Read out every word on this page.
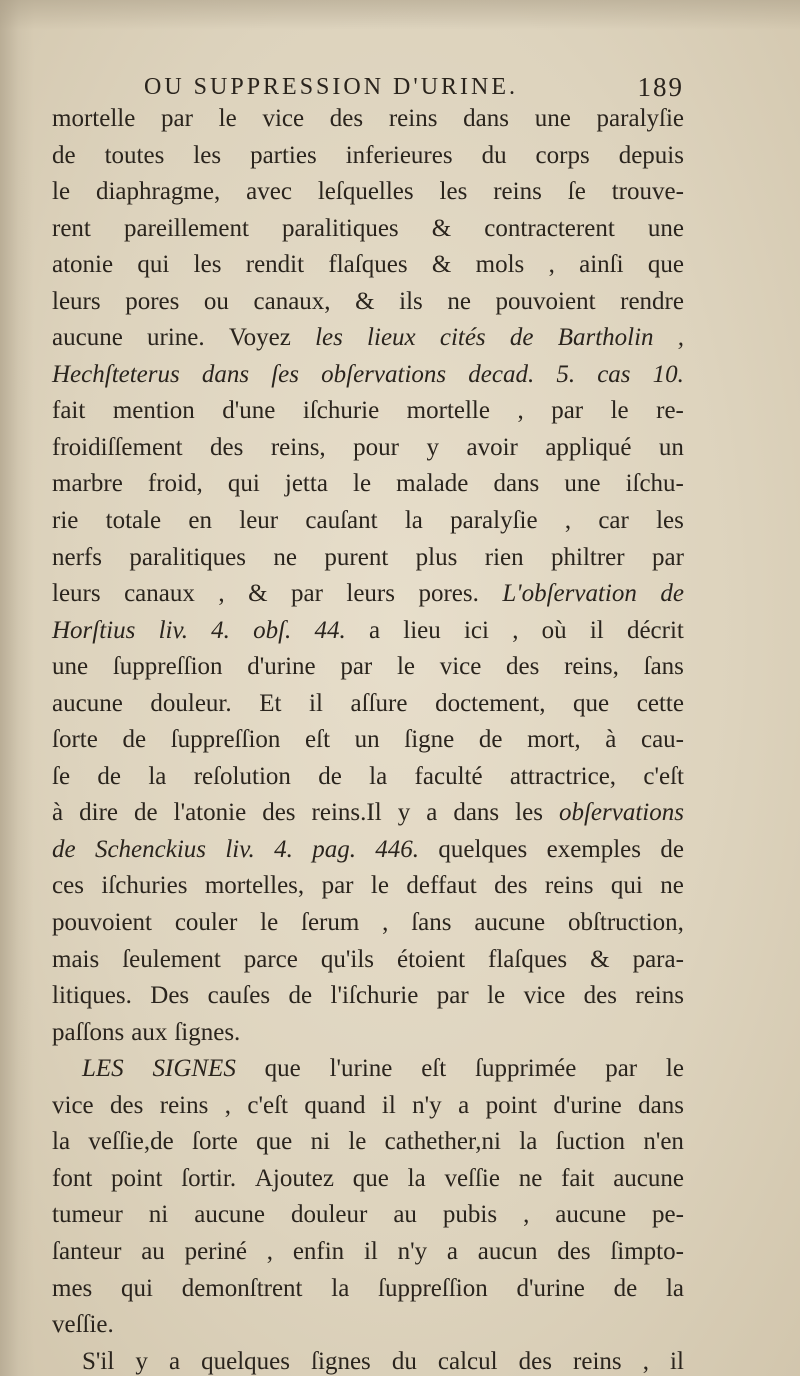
OU SUPPRESSION D'URINE.	189
mortelle par le vice des reins dans une paralyſie
de toutes les parties inferieures du corps depuis
le diaphragme, avec leſquelles les reins ſe trouve-
rent pareillement paralitiques & contracterent une
atonie qui les rendit flaſques & mols , ainſi que
leurs pores ou canaux, & ils ne pouvoient rendre
aucune urine. Voyez les lieux cités de Bartholin ,
Hechſteterus dans ſes obſervations decad. 5. cas 10.
fait mention d'une iſchurie mortelle , par le re-
froidiſſement des reins, pour y avoir appliqué un
marbre froid, qui jetta le malade dans une iſchu-
rie totale en leur cauſant la paralyſie , car les
nerfs paralitiques ne purent plus rien philtrer par
leurs canaux , & par leurs pores. L'obſervation de
Horſtius liv. 4. obſ. 44. a lieu ici , où il décrit
une ſuppreſſion d'urine par le vice des reins, ſans
aucune douleur. Et il aſſure doctement, que cette
ſorte de ſuppreſſion eſt un ſigne de mort, à cau-
ſe de la reſolution de la faculté attractrice, c'eſt
à dire de l'atonie des reins.Il y a dans les obſervations
de Schenckius liv. 4. pag. 446. quelques exemples de
ces iſchuries mortelles, par le deffaut des reins qui ne
pouvoient couler le ſerum , ſans aucune obſtruction,
mais ſeulement parce qu'ils étoient flaſques & para-
litiques. Des cauſes de l'iſchurie par le vice des reins
paſſons aux ſignes.
LES SIGNES que l'urine eſt ſupprimée par le
vice des reins , c'eſt quand il n'y a point d'urine dans
la veſſie,de ſorte que ni le cathether,ni la ſuction n'en
font point ſortir. Ajoutez que la veſſie ne fait aucune
tumeur ni aucune douleur au pubis , aucune pe-
ſanteur au periné , enfin il n'y a aucun des ſimpto-
mes qui demonſtrent la ſuppreſſion d'urine de la
veſſie.
S'il y a quelques ſignes du calcul des reins , il
